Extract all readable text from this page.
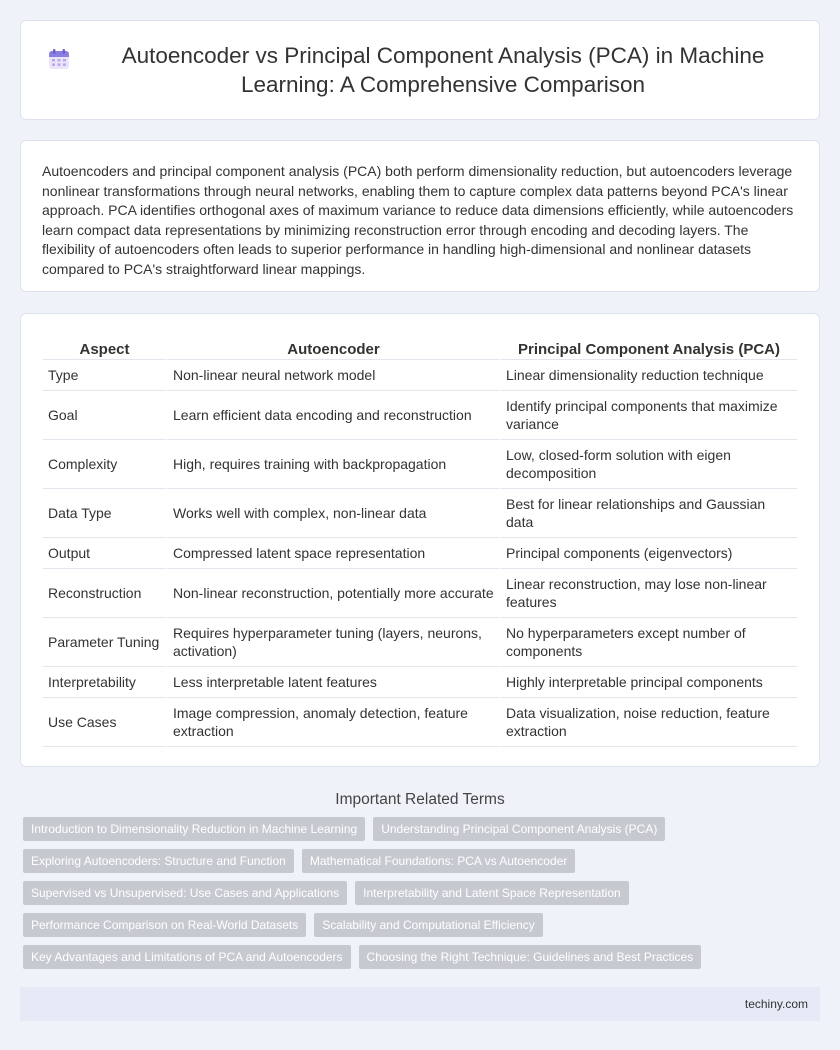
Autoencoder vs Principal Component Analysis (PCA) in Machine Learning: A Comprehensive Comparison

Autoencoders and principal component analysis (PCA) both perform dimensionality reduction, but autoencoders leverage nonlinear transformations through neural networks, enabling them to capture complex data patterns beyond PCA's linear approach. PCA identifies orthogonal axes of maximum variance to reduce data dimensions efficiently, while autoencoders learn compact data representations by minimizing reconstruction error through encoding and decoding layers. The flexibility of autoencoders often leads to superior performance in handling high-dimensional and nonlinear datasets compared to PCA's straightforward linear mappings.

Aspect	Autoencoder	Principal Component Analysis (PCA)
Type	Non-linear neural network model	Linear dimensionality reduction technique
Goal	Learn efficient data encoding and reconstruction	Identify principal components that maximize variance
Complexity	High, requires training with backpropagation	Low, closed-form solution with eigen decomposition
Data Type	Works well with complex, non-linear data	Best for linear relationships and Gaussian data
Output	Compressed latent space representation	Principal components (eigenvectors)
Reconstruction	Non-linear reconstruction, potentially more accurate	Linear reconstruction, may lose non-linear features
Parameter Tuning	Requires hyperparameter tuning (layers, neurons, activation)	No hyperparameters except number of components
Interpretability	Less interpretable latent features	Highly interpretable principal components
Use Cases	Image compression, anomaly detection, feature extraction	Data visualization, noise reduction, feature extraction
Important Related Terms
Introduction to Dimensionality Reduction in Machine Learning	Understanding Principal Component Analysis (PCA)
Exploring Autoencoders: Structure and Function	Mathematical Foundations: PCA vs Autoencoder
Supervised vs Unsupervised: Use Cases and Applications	Interpretability and Latent Space Representation
Performance Comparison on Real-World Datasets	Scalability and Computational Efficiency
Key Advantages and Limitations of PCA and Autoencoders	Choosing the Right Technique: Guidelines and Best Practices
techiny.com
